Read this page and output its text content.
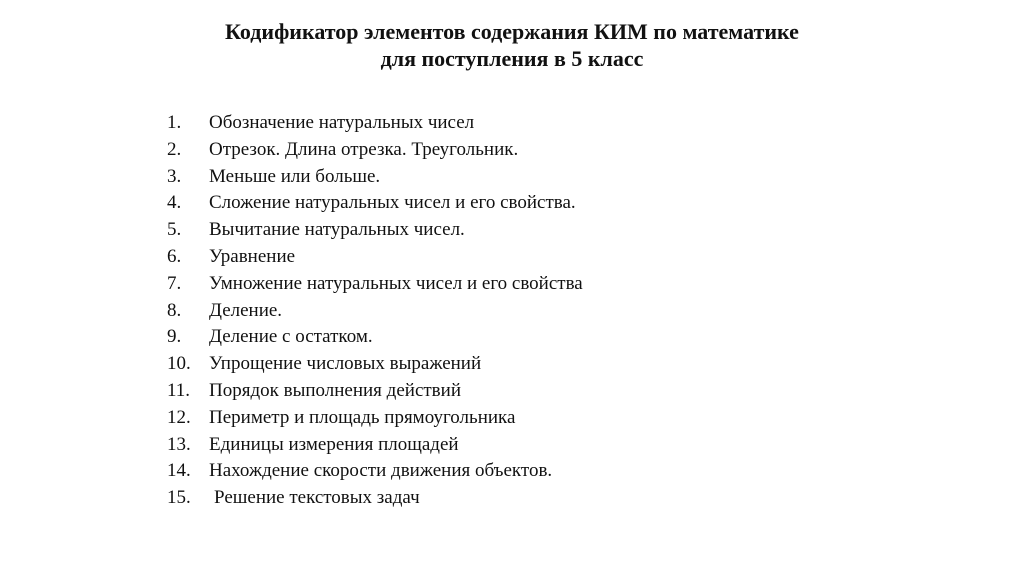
Кодификатор элементов содержания КИМ по математике
для поступления в 5 класс
1.	Обозначение натуральных чисел
2.	Отрезок. Длина отрезка. Треугольник.
3.	Меньше или больше.
4.	Сложение натуральных чисел и его свойства.
5.	Вычитание натуральных чисел.
6.	Уравнение
7.	Умножение натуральных чисел и его свойства
8.	Деление.
9.	Деление с остатком.
10. Упрощение числовых выражений
11. Порядок выполнения действий
12. Периметр и площадь прямоугольника
13. Единицы измерения площадей
14. Нахождение скорости движения объектов.
15.	Решение текстовых задач
